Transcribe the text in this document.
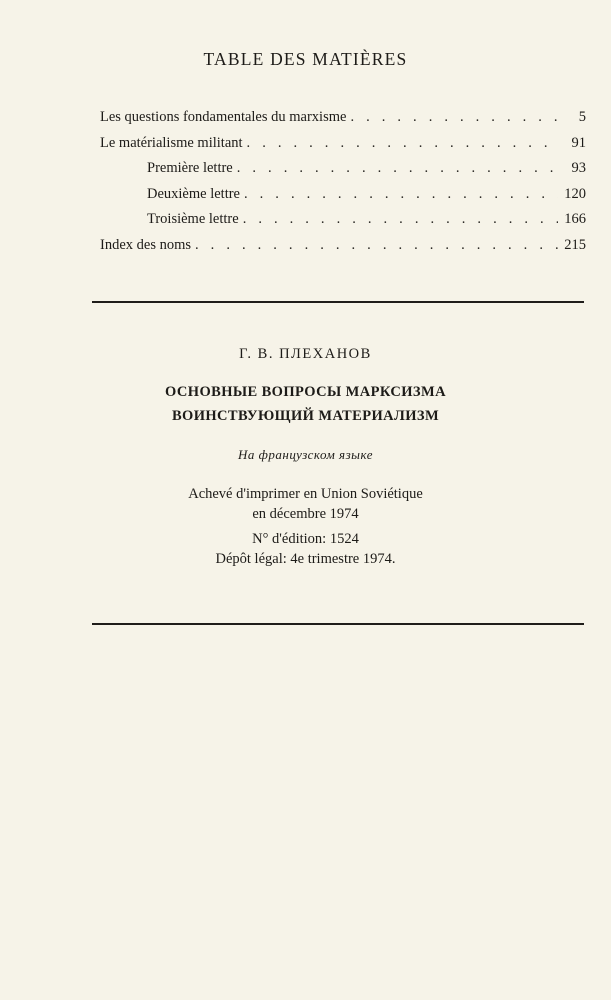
TABLE DES MATIÈRES
Les questions fondamentales du marxisme . . .	5
Le matérialisme militant . . .	91
Première lettre . . .	93
Deuxième lettre . . .	120
Troisième lettre . . .	166
Index des noms . . .	215

Г. В. ПЛЕХАНОВ

ОСНОВНЫЕ ВОПРОСЫ МАРКСИЗМА

ВОИНСТВУЮЩИЙ МАТЕРИАЛИЗМ

На французском языке
Achevé d'imprimer en Union Soviétique
en décembre 1974
N° d'édition: 1524
Dépôt légal: 4e trimestre 1974.
